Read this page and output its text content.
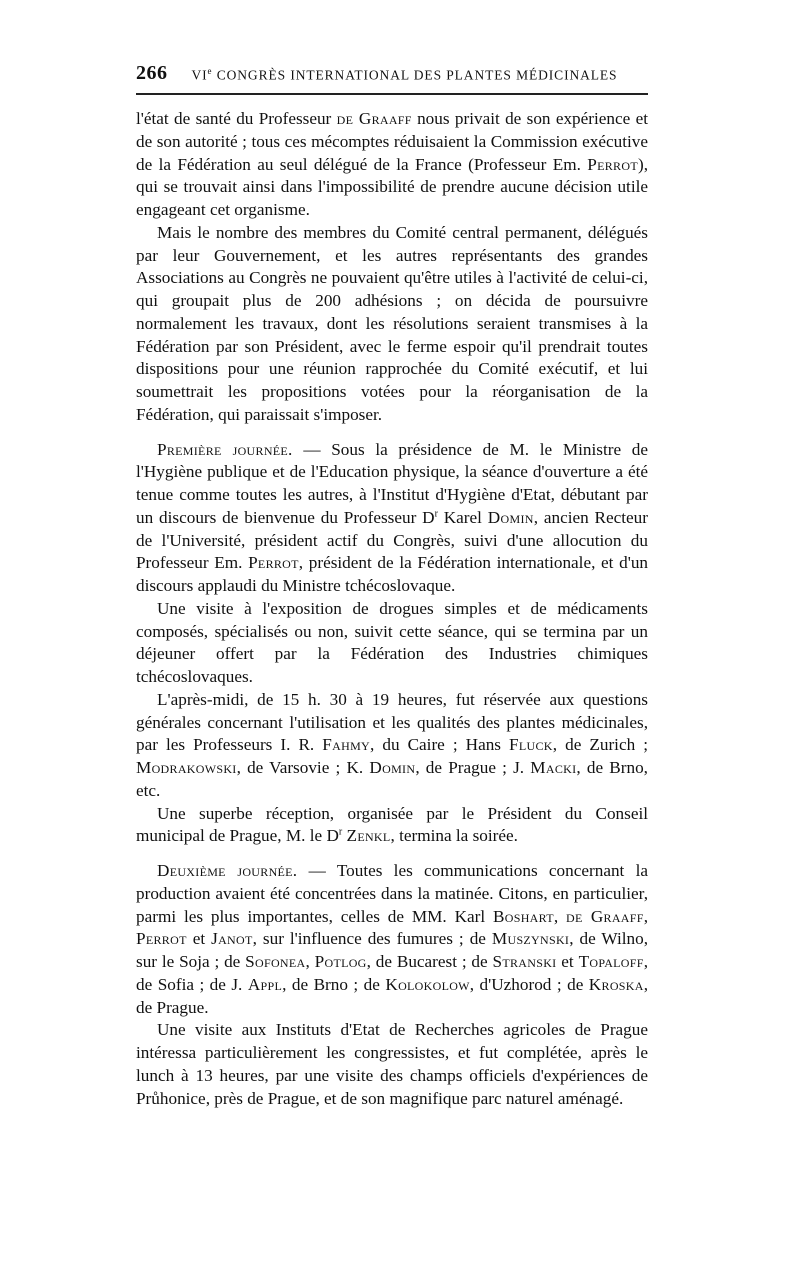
266 VIe CONGRÈS INTERNATIONAL DES PLANTES MÉDICINALES

l'état de santé du Professeur de Graaff nous privait de son expérience et de son autorité ; tous ces mécomptes réduisaient la Commission exécutive de la Fédération au seul délégué de la France (Professeur Em. Perrot), qui se trouvait ainsi dans l'impossibilité de prendre aucune décision utile engageant cet organisme.

Mais le nombre des membres du Comité central permanent, délégués par leur Gouvernement, et les autres représentants des grandes Associations au Congrès ne pouvaient qu'être utiles à l'activité de celui-ci, qui groupait plus de 200 adhésions ; on décida de poursuivre normalement les travaux, dont les résolutions seraient transmises à la Fédération par son Président, avec le ferme espoir qu'il prendrait toutes dispositions pour une réunion rapprochée du Comité exécutif, et lui soumettrait les propositions votées pour la réorganisation de la Fédération, qui paraissait s'imposer.

Première journée. — Sous la présidence de M. le Ministre de l'Hygiène publique et de l'Education physique, la séance d'ouverture a été tenue comme toutes les autres, à l'Institut d'Hygiène d'Etat, débutant par un discours de bienvenue du Professeur $D^r$ Karel Domin, ancien Recteur de l'Université, président actif du Congrès, suivi d'une allocution du Professeur Em. Perrot, président de la Fédération internationale, et d'un discours applaudi du Ministre tchécoslovaque.

Une visite à l'exposition de drogues simples et de médicaments composés, spécialisés ou non, suivit cette séance, qui se termina par un déjeuner offert par la Fédération des Industries chimiques tchécoslovaques.

L'après-midi, de 15 h. 30 à 19 heures, fut réservée aux questions générales concernant l'utilisation et les qualités des plantes médicinales, par les Professeurs I. R. Fahmy, du Caire ; Hans Fluck, de Zurich ; Modrakowski, de Varsovie ; K. Domin, de Prague ; J. Macki, de Brno, etc.

Une superbe réception, organisée par le Président du Conseil municipal de Prague, M. le $D^r$ Zenkl, termina la soirée.

Deuxième journée. — Toutes les communications concernant la production avaient été concentrées dans la matinée. Citons, en particulier, parmi les plus importantes, celles de MM. Karl Boshart, de Graaff, Perrot et Janot, sur l'influence des fumures ; de Muszynski, de Wilno, sur le Soja ; de Sofonea, Potlog, de Bucarest ; de Stranski et Topaloff, de Sofia ; de J. Appl, de Brno ; de Kolokolow, d'Uzhorod ; de Kroska, de Prague.

Une visite aux Instituts d'Etat de Recherches agricoles de Prague intéressa particulièrement les congressistes, et fut complétée, après le lunch à 13 heures, par une visite des champs officiels d'expériences de Průhonice, près de Prague, et de son magnifique parc naturel aménagé.
